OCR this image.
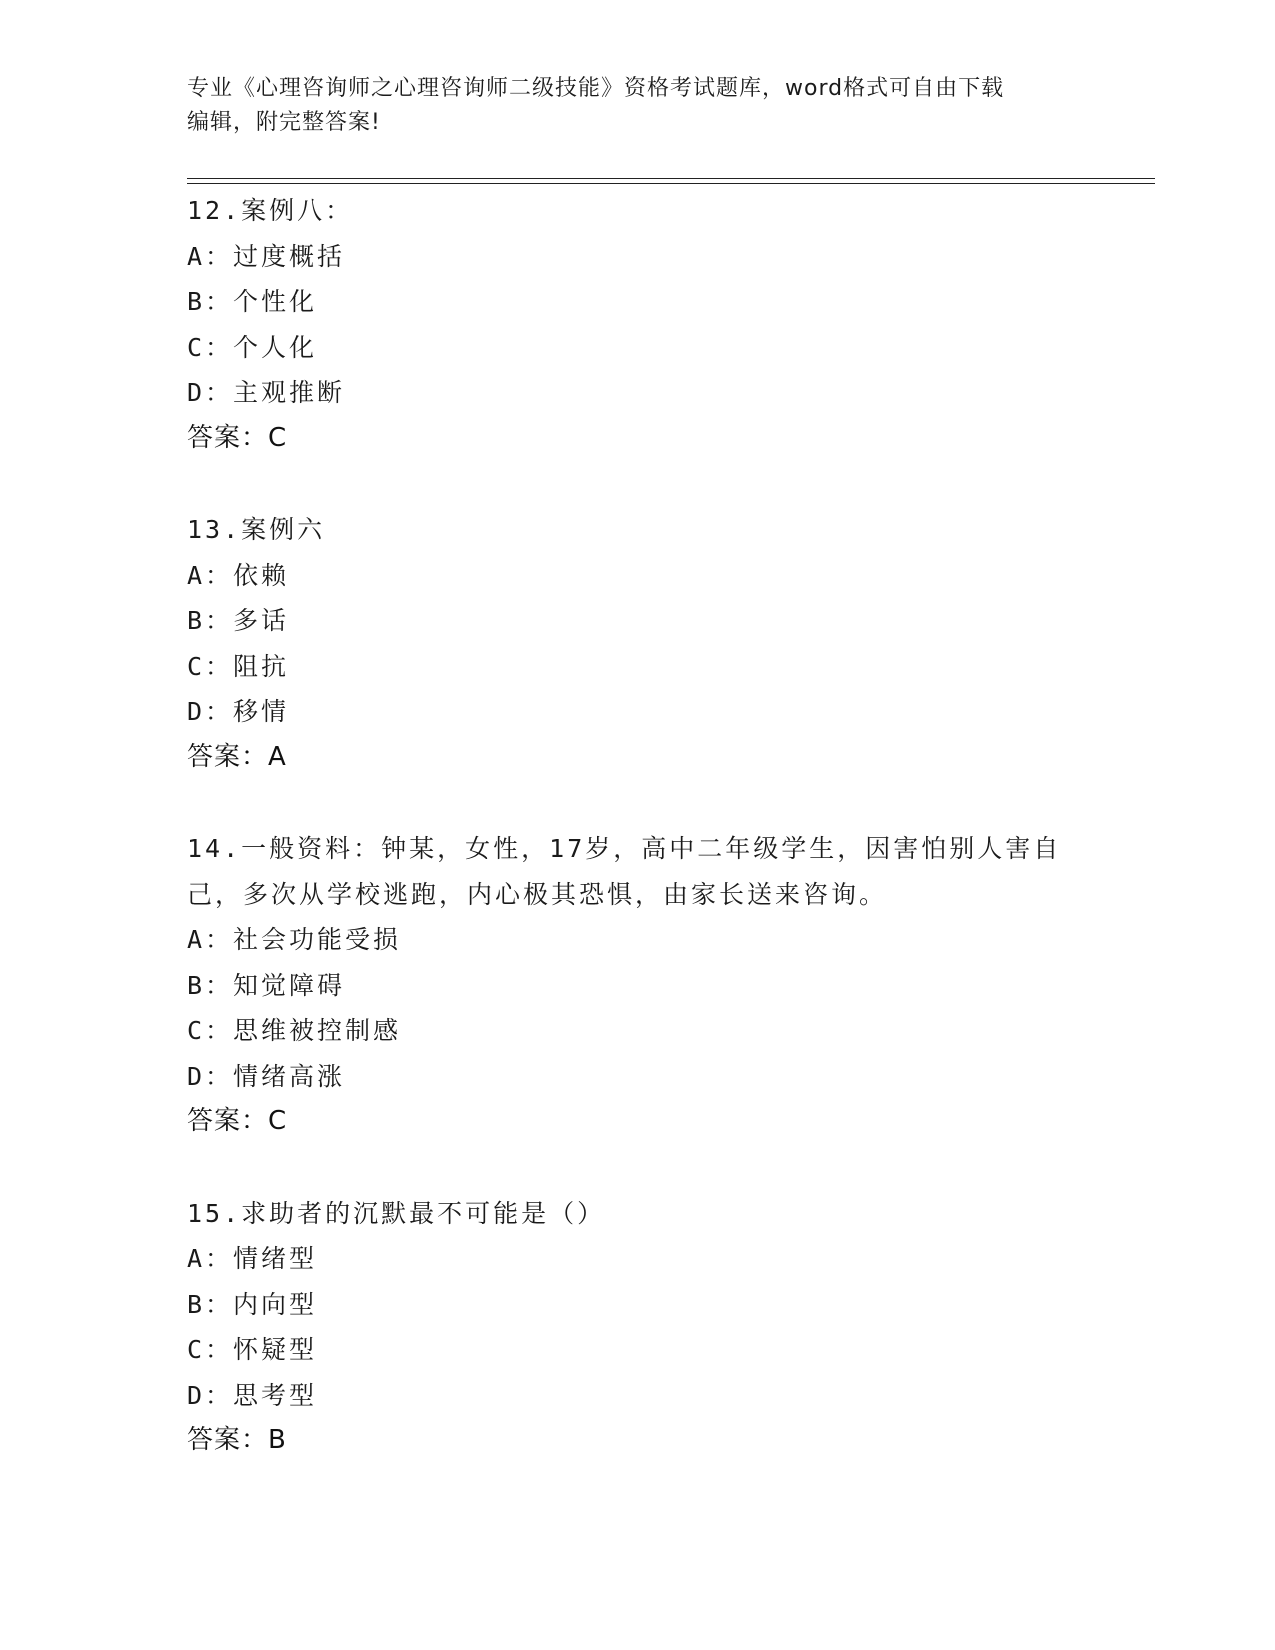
专业《心理咨询师之心理咨询师二级技能》资格考试题库，word格式可自由下载
编辑，附完整答案!
12.案例八：
A：过度概括
B：个性化
C：个人化
D：主观推断
答案：C
13.案例六
A：依赖
B：多话
C：阻抗
D：移情
答案：A
14.一般资料：钟某，女性，17岁，高中二年级学生，因害怕别人害自己，多次从学校逃跑，内心极其恐惧，由家长送来咨询。
A：社会功能受损
B：知觉障碍
C：思维被控制感
D：情绪高涨
答案：C
15.求助者的沉默最不可能是（）
A：情绪型
B：内向型
C：怀疑型
D：思考型
答案：B
